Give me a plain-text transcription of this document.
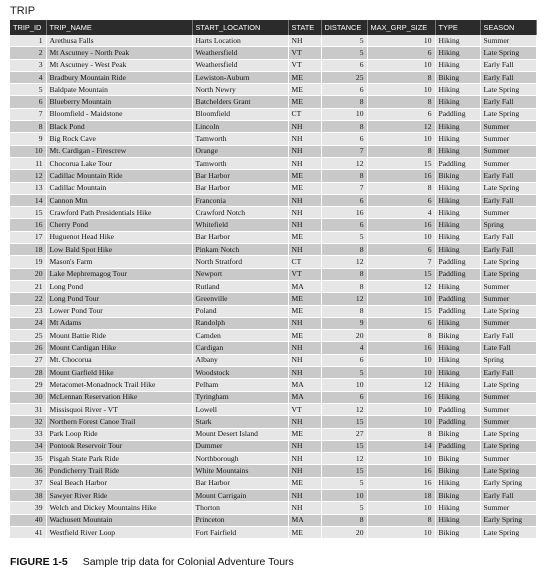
TRIP
TRIP_ID	TRIP_NAME	START_LOCATION	STATE	DISTANCE	MAX_GRP_SIZE	TYPE	SEASON
1	Arethusa Falls	Harts Location	NH	5	10	Hiking	Summer
2	Mt Ascutney - North Peak	Weathersfield	VT	5	6	Hiking	Late Spring
3	Mt Ascutney - West Peak	Weathersfield	VT	6	10	Hiking	Early Fall
4	Bradbury Mountain Ride	Lewiston-Auburn	ME	25	8	Biking	Early Fall
5	Baldpate Mountain	North Newry	ME	6	10	Hiking	Late Spring
6	Blueberry Mountain	Batchelders Grant	ME	8	8	Hiking	Early Fall
7	Bloomfield - Maidstone	Bloomfield	CT	10	6	Paddling	Late Spring
8	Black Pond	Lincoln	NH	8	12	Hiking	Summer
9	Big Rock Cave	Tamworth	NH	6	10	Hiking	Summer
10	Mt. Cardigan - Firescrew	Orange	NH	7	8	Hiking	Summer
11	Chocorua Lake Tour	Tamworth	NH	12	15	Paddling	Summer
12	Cadillac Mountain Ride	Bar Harbor	ME	8	16	Biking	Early Fall
13	Cadillac Mountain	Bar Harbor	ME	7	8	Hiking	Late Spring
14	Cannon Mtn	Franconia	NH	6	6	Hiking	Early Fall
15	Crawford Path Presidentials Hike	Crawford Notch	NH	16	4	Hiking	Summer
16	Cherry Pond	Whitefield	NH	6	16	Hiking	Spring
17	Huguenot Head Hike	Bar Harbor	ME	5	10	Hiking	Early Fall
18	Low Bald Spot Hike	Pinkam Notch	NH	8	6	Hiking	Early Fall
19	Mason's Farm	North Stratford	CT	12	7	Paddling	Late Spring
20	Lake Mephremagog Tour	Newport	VT	8	15	Paddling	Late Spring
21	Long Pond	Rutland	MA	8	12	Hiking	Summer
22	Long Pond Tour	Greenville	ME	12	10	Paddling	Summer
23	Lower Pond Tour	Poland	ME	8	15	Paddling	Late Spring
24	Mt Adams	Randolph	NH	9	6	Hiking	Summer
25	Mount Battie Ride	Camden	ME	20	8	Biking	Early Fall
26	Mount Cardigan Hike	Cardigan	NH	4	16	Hiking	Late Fall
27	Mt. Chocorua	Albany	NH	6	10	Hiking	Spring
28	Mount Garfield Hike	Woodstock	NH	5	10	Hiking	Early Fall
29	Metacomet-Monadnock Trail Hike	Pelham	MA	10	12	Hiking	Late Spring
30	McLennan Reservation Hike	Tyringham	MA	6	16	Hiking	Summer
31	Missisquoi River - VT	Lowell	VT	12	10	Paddling	Summer
32	Northern Forest Canoe Trail	Stark	NH	15	10	Paddling	Summer
33	Park Loop Ride	Mount Desert Island	ME	27	8	Biking	Late Spring
34	Pontook Reservoir Tour	Dummer	NH	15	14	Paddling	Late Spring
35	Pisgah State Park Ride	Northborough	NH	12	10	Biking	Summer
36	Pondicherry Trail Ride	White Mountains	NH	15	16	Biking	Late Spring
37	Seal Beach Harbor	Bar Harbor	ME	5	16	Hiking	Early Spring
38	Sawyer River Ride	Mount Carrigain	NH	10	18	Biking	Early Fall
39	Welch and Dickey Mountains Hike	Thorton	NH	5	10	Hiking	Summer
40	Wachusett Mountain	Princeton	MA	8	8	Hiking	Early Spring
41	Westfield River Loop	Fort Fairfield	ME	20	10	Biking	Late Spring
FIGURE 1-5 Sample trip data for Colonial Adventure Tours
